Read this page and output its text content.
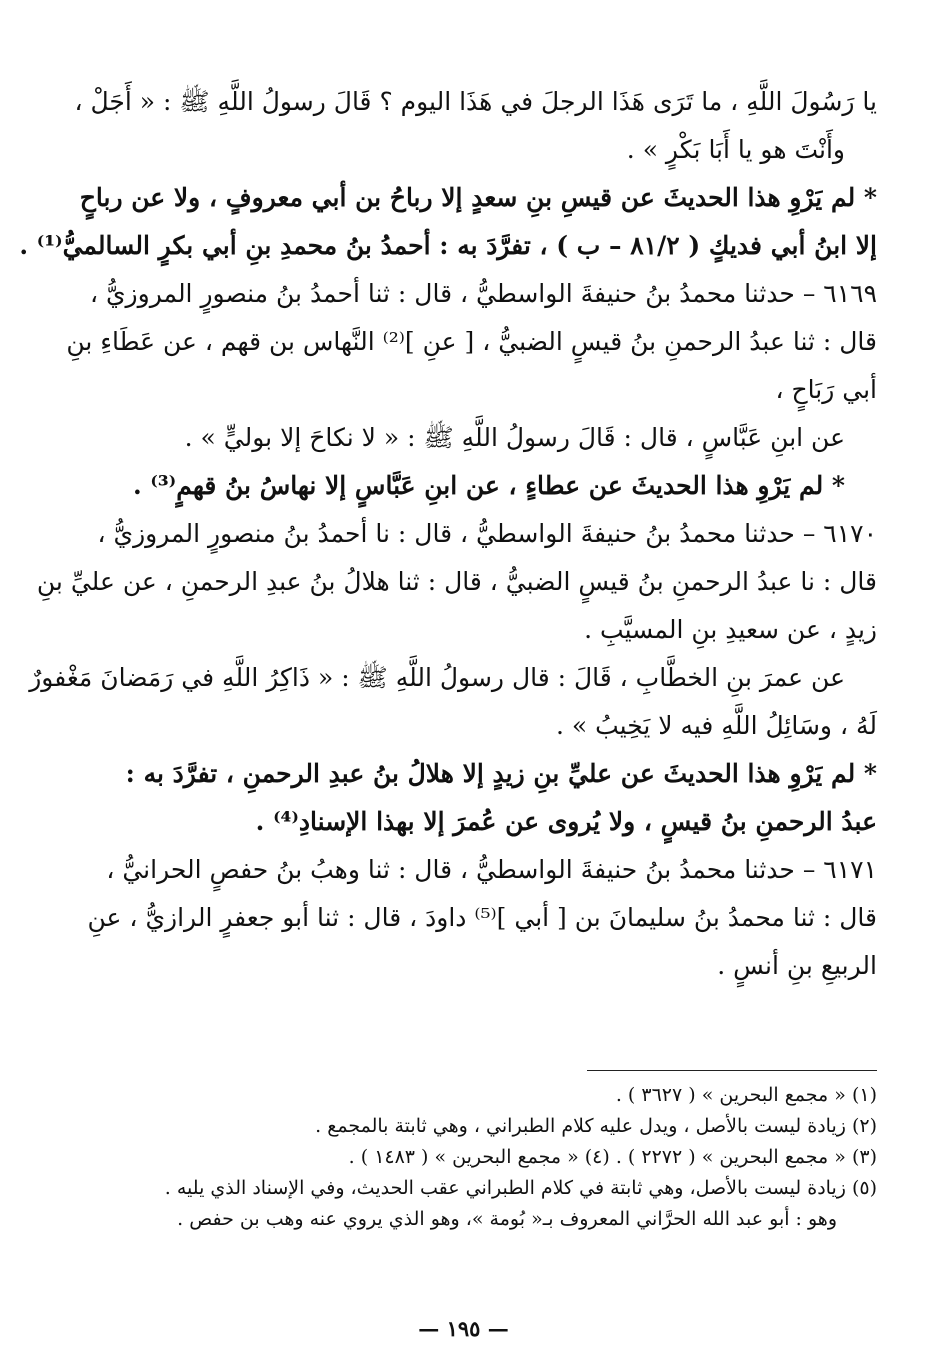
يا رَسُولَ اللَّهِ ، ما تَرَى هَذَا الرجلَ في هَذَا اليوم ؟ قَالَ رسولُ اللَّهِ ﷺ : « أَجَلْ ،
وأَنْتَ هو يا أَبَا بَكْرٍ » .
* لم يَرْوِ هذا الحديثَ عن قيسِ بنِ سعدٍ إلا رباحُ بن أبي معروفٍ ، ولا عن رباحٍ
إلا ابنُ أبي فديكٍ ( ٨١/٢ – ب ) ، تفرَّدَ به : أحمدُ بنُ محمدِ بنِ أبي بكرٍ السالميُّ⁽¹⁾ .
٦١٦٩ – حدثنا محمدُ بنُ حنيفةَ الواسطيُّ ، قال : ثنا أحمدُ بنُ منصورٍ المروزيُّ ،
قال : ثنا عبدُ الرحمنِ بنُ قيسٍ الضبيُّ ، [ عنِ ]⁽²⁾ النَّهاس بن قهم ، عن عَطَاءِ بنِ
أبي رَبَاحٍ ،
عن ابنِ عَبَّاسٍ ، قال : قَالَ رسولُ اللَّهِ ﷺ : « لا نكاحَ إلا بوليٍّ » .
* لم يَرْوِ هذا الحديثَ عن عطاءٍ ، عن ابنِ عَبَّاسٍ إلا نهاسُ بنُ قهمٍ⁽³⁾ .
٦١٧٠ – حدثنا محمدُ بنُ حنيفةَ الواسطيُّ ، قال : نا أحمدُ بنُ منصورٍ المروزيُّ ،
قال : نا عبدُ الرحمنِ بنُ قيسٍ الضبيُّ ، قال : ثنا هلالُ بنُ عبدِ الرحمنِ ، عن عليِّ بنِ
زيدٍ ، عن سعيدِ بنِ المسيَّبِ .
عن عمرَ بنِ الخطَّابِ ، قَالَ : قال رسولُ اللَّهِ ﷺ : « ذَاكِرُ اللَّهِ في رَمَضانَ مَغْفورٌ
لَهُ ، وسَائِلُ اللَّهِ فيه لا يَخِيبُ » .
* لم يَرْوِ هذا الحديثَ عن عليِّ بنِ زيدٍ إلا هلالُ بنُ عبدِ الرحمنِ ، تفرَّدَ به :
عبدُ الرحمنِ بنُ قيسٍ ، ولا يُروى عن عُمرَ إلا بهذا الإسنادِ⁽⁴⁾ .
٦١٧١ – حدثنا محمدُ بنُ حنيفةَ الواسطيُّ ، قال : ثنا وهبُ بنُ حفصٍ الحرانيُّ ،
قال : ثنا محمدُ بنُ سليمانَ بن [ أبي ]⁽⁵⁾ داودَ ، قال : ثنا أبو جعفرٍ الرازيُّ ، عنِ
الربيعِ بنِ أنسٍ .
(١) « مجمع البحرين » ( ٣٦٢٧ ) .
(٢) زيادة ليست بالأصل ، ويدل عليه كلام الطبراني ، وهي ثابتة بالمجمع .
(٣) « مجمع البحرين » ( ٢٢٧٢ ) . (٤) « مجمع البحرين » ( ١٤٨٣ ) .
(٥) زيادة ليست بالأصل، وهي ثابتة في كلام الطبراني عقب الحديث، وفي الإسناد الذي يليه .
وهو : أبو عبد الله الحرَّاني المعروف بـ« بُومة »، وهو الذي يروي عنه وهب بن حفص .
— ١٩٥ —
